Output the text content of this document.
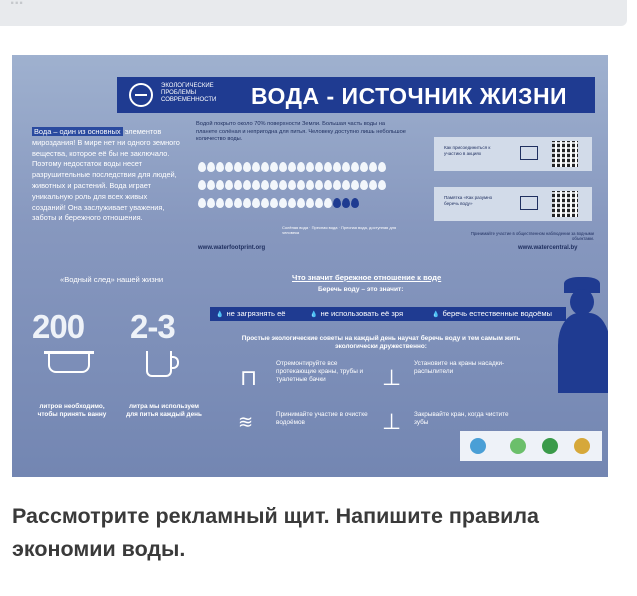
ЭКОЛОГИЧЕСКИЕ ПРОБЛЕМЫ СОВРЕМЕННОСТИ	ВОДА - ИСТОЧНИК ЖИЗНИ
Вода – один из основных элементов мироздания! В мире нет ни одного земного вещества, которое её бы не заключало. Поэтому недостаток воды несет разрушительные последствия для людей, животных и растений. Вода играет уникальную роль для всех живых созданий! Она заслуживает уважения, заботы и бережного отношения.
Водой покрыто около 70% поверхности Земли. Большая часть воды на планете солёная и непригодна для питья. Человеку доступно лишь небольшое количество воды.
Солёная вода · Пресная вода · Пресная вода, доступная для человека
www.waterfootprint.org	www.watercentral.by
Как присоединиться к участию в акциях
Памятка «Как разумно беречь воду»
Принимайте участие в общественном наблюдении за водными объектами.
«Водный след» нашей жизни
200 2-3
литров необходимо, чтобы принять ванну
литра мы используем для питья каждый день
Что значит бережное отношение к воде
Беречь воду – это значит:
💧 не загрязнять её	💧 не использовать её зря	💧 беречь естественные водоёмы
Простые экологические советы на каждый день научат беречь воду и тем самым жить экологически дружественно:
⊓
Отремонтируйте все протекающие краны, трубы и туалетные бачки	⊥
Установите на краны насадки-распылители
≋	Принимайте участие в очистке водоёмов	⊥ Закрывайте кран, когда чистите зубы
Рассмотрите рекламный щит. Напишите правила экономии воды.
